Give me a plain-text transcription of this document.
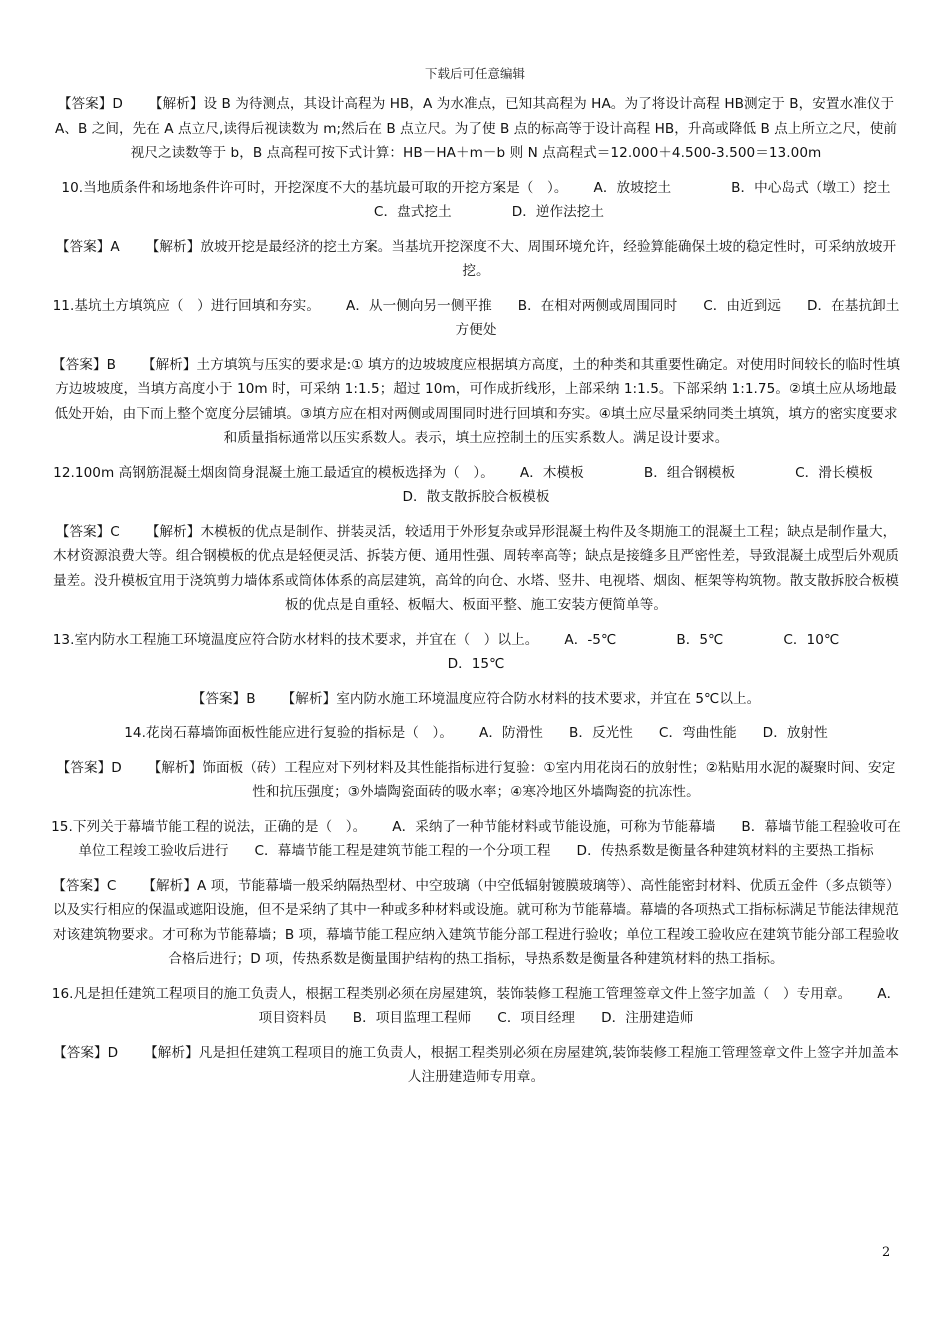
下载后可任意编辑

【答案】D 【解析】设 B 为待测点，其设计高程为 HB，A 为水准点，已知其高程为 HA。为了将设计高程 HB测定于 B，安置水准仪于 A、B 之间，先在 A 点立尺,读得后视读数为 m;然后在 B 点立尺。为了使 B 点的标高等于设计高程 HB，升高或降低 B 点上所立之尺，使前视尺之读数等于 b，B 点高程可按下式计算：HB－HA＋m－b 则 N 点高程式＝12.000＋4.500-3.500＝13.00m

10.当地质条件和场地条件许可时，开挖深度不大的基坑最可取的开挖方案是（　）。 A．放坡挖土	B．中心岛式（墩工）挖土C．盘式挖土	D．逆作法挖土

【答案】A 【解析】放坡开挖是最经济的挖土方案。当基坑开挖深度不大、周围环境允许，经验算能确保土坡的稳定性时，可采纳放坡开挖。

11.基坑土方填筑应（　）进行回填和夯实。 A．从一侧向另一侧平推 B．在相对两侧或周围同时 C．由近到远 D．在基抗卸土方便处

【答案】B 【解析】土方填筑与压实的要求是:① 填方的边坡坡度应根据填方高度，土的种类和其重要性确定。对使用时间较长的临时性填方边坡坡度，当填方高度小于 10m 时，可采纳 1:1.5；超过 10m，可作成折线形，上部采纳 1:1.5。下部采纳 1:1.75。②填土应从场地最低处开始，由下而上整个宽度分层铺填。③填方应在相对两侧或周围同时进行回填和夯实。④填土应尽量采纳同类土填筑，填方的密实度要求和质量指标通常以压实系数人。表示，填土应控制土的压实系数人。满足设计要求。

12.100m 高钢筋混凝土烟囱筒身混凝土施工最适宜的模板选择为（　）。 A．木模板	B．组合钢模板	C．滑长模板D．散支散拆胶合板模板

【答案】C 【解析】木模板的优点是制作、拼装灵活，较适用于外形复杂或异形混凝土构件及冬期施工的混凝土工程；缺点是制作量大，木材资源浪费大等。组合钢模板的优点是轻便灵活、拆装方便、通用性强、周转率高等；缺点是接缝多且严密性差，导致混凝土成型后外观质量差。没升模板宜用于浇筑剪力墙体系或筒体体系的高层建筑，高耸的向仓、水塔、竖井、电视塔、烟囱、框架等构筑物。散支散拆胶合板模板的优点是自重轻、板幅大、板面平整、施工安装方便简单等。

13.室内防水工程施工环境温度应符合防水材料的技术要求，并宜在（　）以上。 A．-5℃	B．5℃	C．10℃D．15℃

【答案】B 【解析】室内防水施工环境温度应符合防水材料的技术要求，并宜在 5℃以上。

14.花岗石幕墙饰面板性能应进行复验的指标是（　）。 A．防滑性 B．反光性 C．弯曲性能 D．放射性

【答案】D 【解析】饰面板（砖）工程应对下列材料及其性能指标进行复验：①室内用花岗石的放射性；②粘贴用水泥的凝聚时间、安定性和抗压强度；③外墙陶瓷面砖的吸水率；④寒冷地区外墙陶瓷的抗冻性。

15.下列关于幕墙节能工程的说法，正确的是（　）。 A．采纳了一种节能材料或节能设施，可称为节能幕墙 B．幕墙节能工程验收可在单位工程竣工验收后进行 C．幕墙节能工程是建筑节能工程的一个分项工程 D．传热系数是衡量各种建筑材料的主要热工指标

【答案】C 【解析】A 项，节能幕墙一般采纳隔热型材、中空玻璃（中空低辐射镀膜玻璃等）、高性能密封材料、优质五金件（多点锁等）以及实行相应的保温或遮阳设施，但不是采纳了其中一种或多种材料或设施。就可称为节能幕墙。幕墙的各项热式工指标标满足节能法律规范对该建筑物要求。才可称为节能幕墙；B 项，幕墙节能工程应纳入建筑节能分部工程进行验收；单位工程竣工验收应在建筑节能分部工程验收合格后进行；D 项，传热系数是衡量围护结构的热工指标，导热系数是衡量各种建筑材料的热工指标。

16.凡是担任建筑工程项目的施工负责人，根据工程类别必须在房屋建筑，装饰装修工程施工管理签章文件上签字加盖（　）专用章。 A．项目资料员 B．项目监理工程师 C．项目经理 D．注册建造师

【答案】D 【解析】凡是担任建筑工程项目的施工负责人，根据工程类别必须在房屋建筑,装饰装修工程施工管理签章文件上签字并加盖本人注册建造师专用章。

2
